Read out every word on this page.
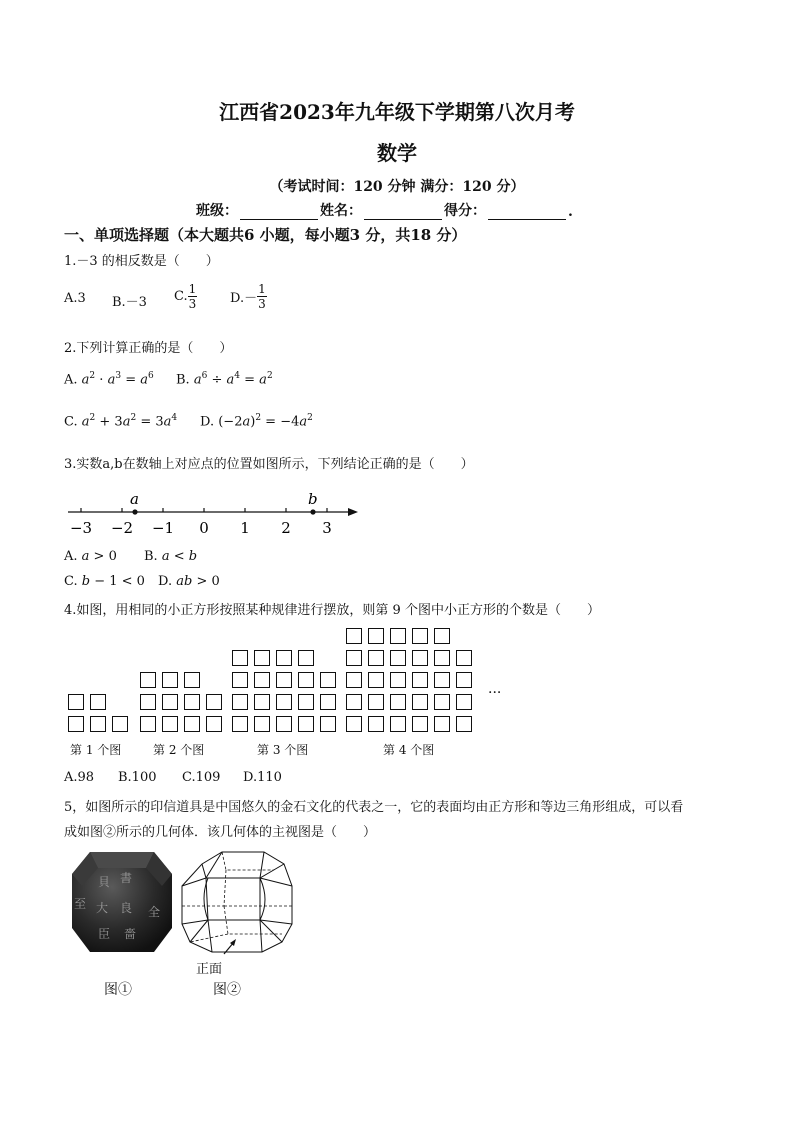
江西省2023年九年级下学期第八次月考
数学
（考试时间：120 分钟 满分：120 分）
班级：	姓名：	得分：	.
一、单项选择题（本大题共6 小题，每小题3 分，共18 分）
1.－3 的相反数是（　　）
A.3 B.－3 C. $\frac{1}{3}$	$D.- \frac{1}{3}$
2.下列计算正确的是（　　）
A. $a^2 \cdot a^3 = a^6$ B. $a^6 \div a^4 = a^2$
C. $a^2 + 3a^2 = 3a^4$ D. $(-2a)^2 = -4a^2$
3.实数a,b在数轴上对应点的位置如图所示，下列结论正确的是（　　）
−3 −2 −1 0 1 2 3
a	b
A. a > 0 B. a < b
C. b − 1 < 0 D. ab > 0
4.如图，用相同的小正方形按照某种规律进行摆放，则第 9 个图中小正方形的个数是（　　）
···
第 1 个图	第 2 个图	第 3 个图	第 4 个图
A.98 B.100 C.109 D.110
5，如图所示的印信道具是中国悠久的金石文化的代表之一，它的表面均由正方形和等边三角形组成，可以看
成如图②所示的几何体．该几何体的主视图是（　　）
貝 書
大 良 全
臣 嗇
至
正面
图①	图②
